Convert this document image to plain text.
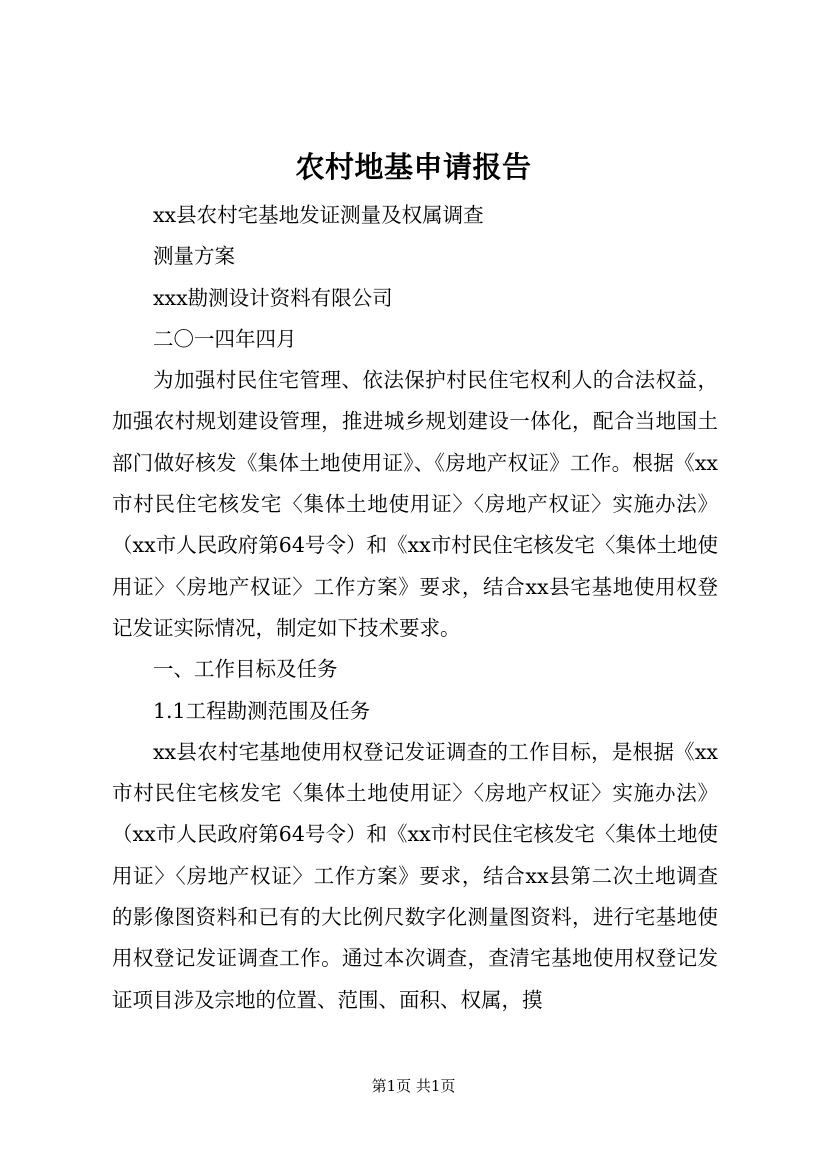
农村地基申请报告

xx县农村宅基地发证测量及权属调查

测量方案

xxx勘测设计资料有限公司

二〇一四年四月

为加强村民住宅管理、依法保护村民住宅权利人的合法权益，加强农村规划建设管理，推进城乡规划建设一体化，配合当地国土部门做好核发《集体土地使用证》、《房地产权证》工作。根据《xx市村民住宅核发宅〈集体土地使用证〉〈房地产权证〉实施办法》（xx市人民政府第64号令）和《xx市村民住宅核发宅〈集体土地使用证〉〈房地产权证〉工作方案》要求，结合xx县宅基地使用权登记发证实际情况，制定如下技术要求。

一、工作目标及任务

1.1工程勘测范围及任务

xx县农村宅基地使用权登记发证调查的工作目标，是根据《xx市村民住宅核发宅〈集体土地使用证〉〈房地产权证〉实施办法》（xx市人民政府第64号令）和《xx市村民住宅核发宅〈集体土地使用证〉〈房地产权证〉工作方案》要求，结合xx县第二次土地调查的影像图资料和已有的大比例尺数字化测量图资料，进行宅基地使用权登记发证调查工作。通过本次调查，查清宅基地使用权登记发证项目涉及宗地的位置、范围、面积、权属，摸

第1页 共1页
